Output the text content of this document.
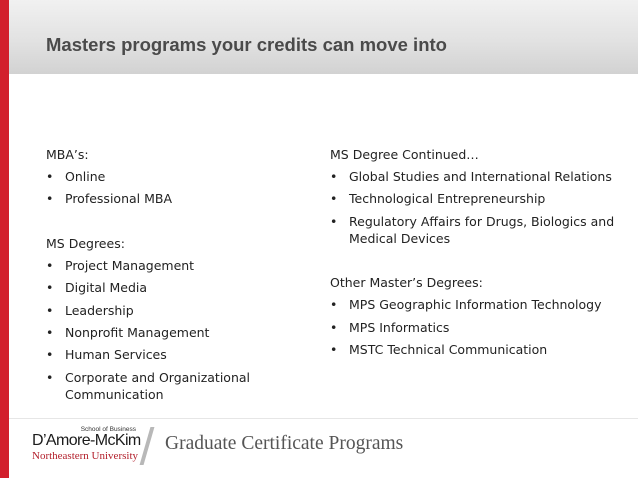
Masters programs your credits can move into
MBA’s:
• Online
• Professional MBA
MS Degrees:
• Project Management
• Digital Media
• Leadership
• Nonprofit Management
• Human Services
• Corporate and Organizational Communication
MS Degree Continued…
• Global Studies and International Relations
• Technological Entrepreneurship
• Regulatory Affairs for Drugs, Biologics and Medical Devices
Other Master’s Degrees:
• MPS Geographic Information Technology
• MPS Informatics
• MSTC Technical Communication
School of Business
D’Amore-McKim
Northeastern University
Graduate Certificate Programs
